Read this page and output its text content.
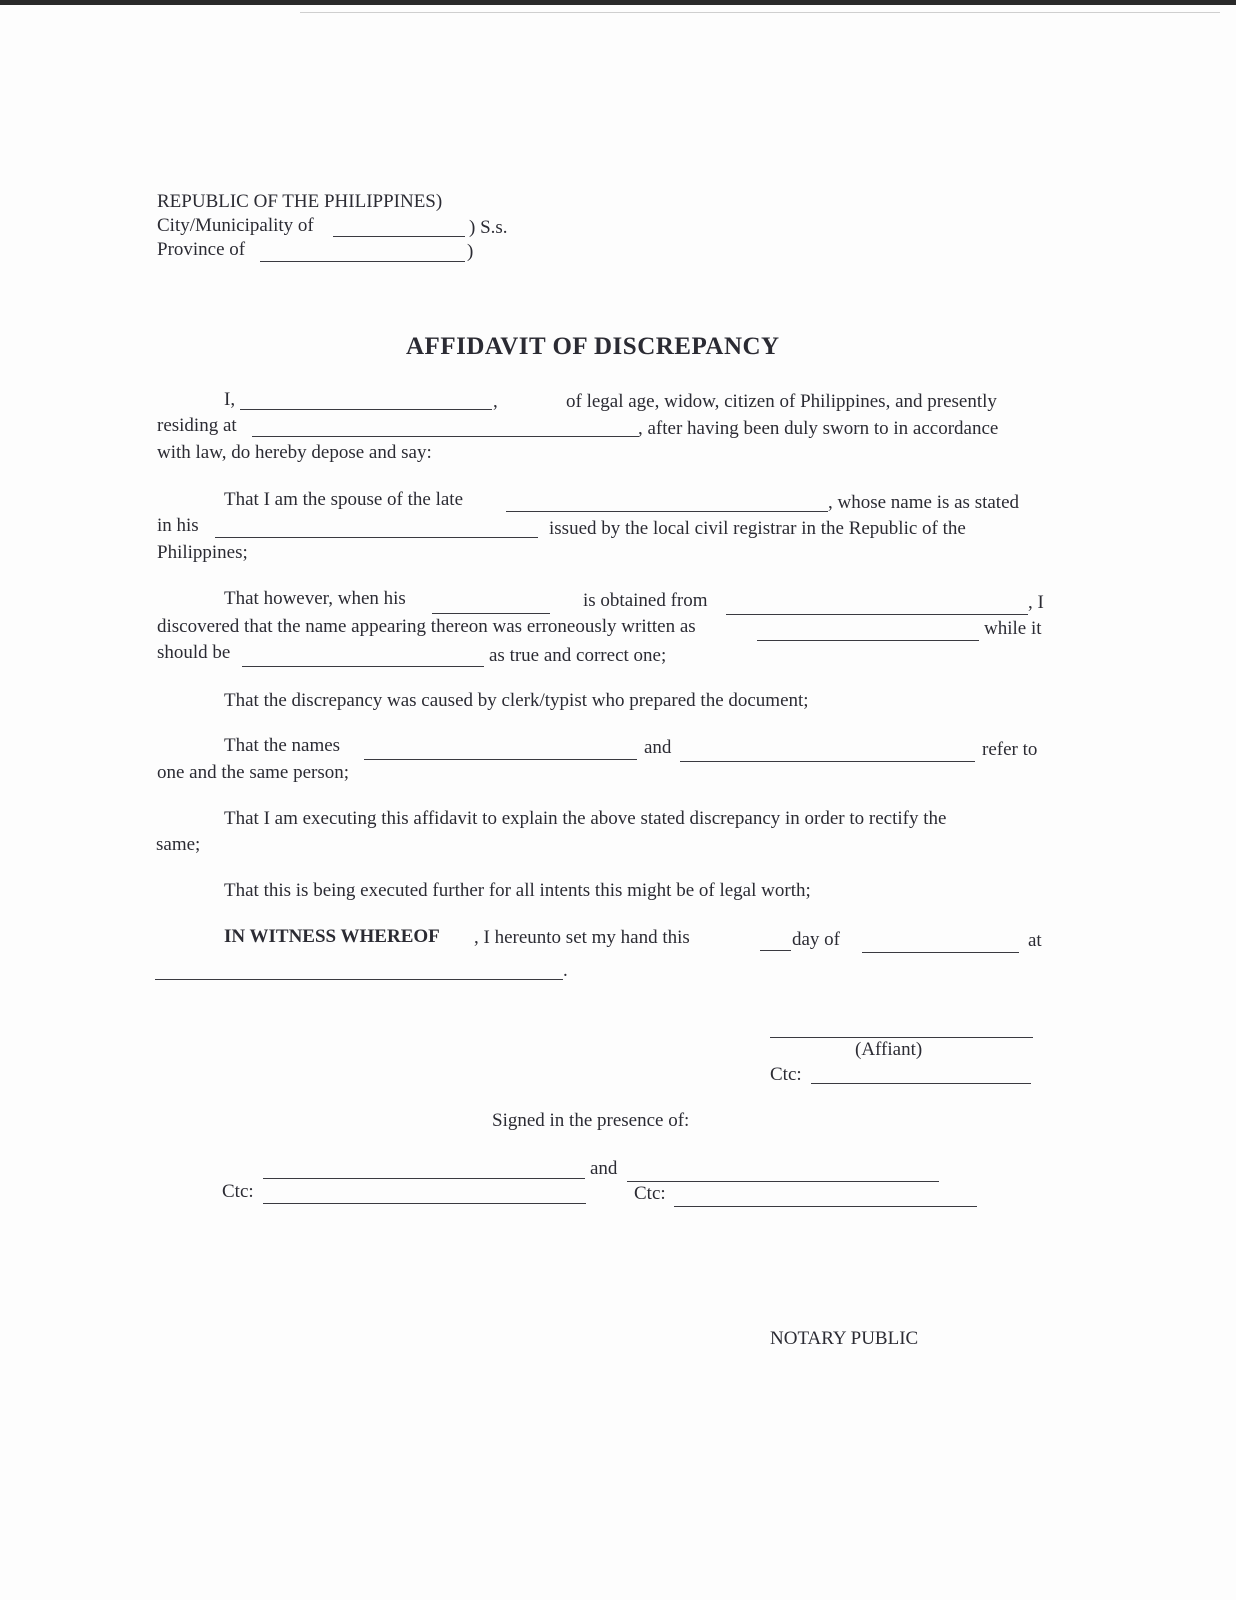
REPUBLIC OF THE PHILIPPINES)
City/Municipality of	) S.s.
Province of	)
AFFIDAVIT OF DISCREPANCY
I,	,	of legal age, widow, citizen of Philippines, and presently
residing at	, after having been duly sworn to in accordance
with law, do hereby depose and say:
That I am the spouse of the late	, whose name is as stated
in his	issued by the local civil registrar in the Republic of the
Philippines;
That however, when his	is obtained from	, I
discovered that the name appearing thereon was erroneously written as	while it
should be	as true and correct one;
That the discrepancy was caused by clerk/typist who prepared the document;
That the names	and	refer to
one and the same person;
That I am executing this affidavit to explain the above stated discrepancy in order to rectify the
same;
That this is being executed further for all intents this might be of legal worth;
IN WITNESS WHEREOF , I hereunto set my hand this	day of	at
.
(Affiant)
Ctc:
Signed in the presence of:
and
Ctc:	Ctc:
NOTARY PUBLIC
